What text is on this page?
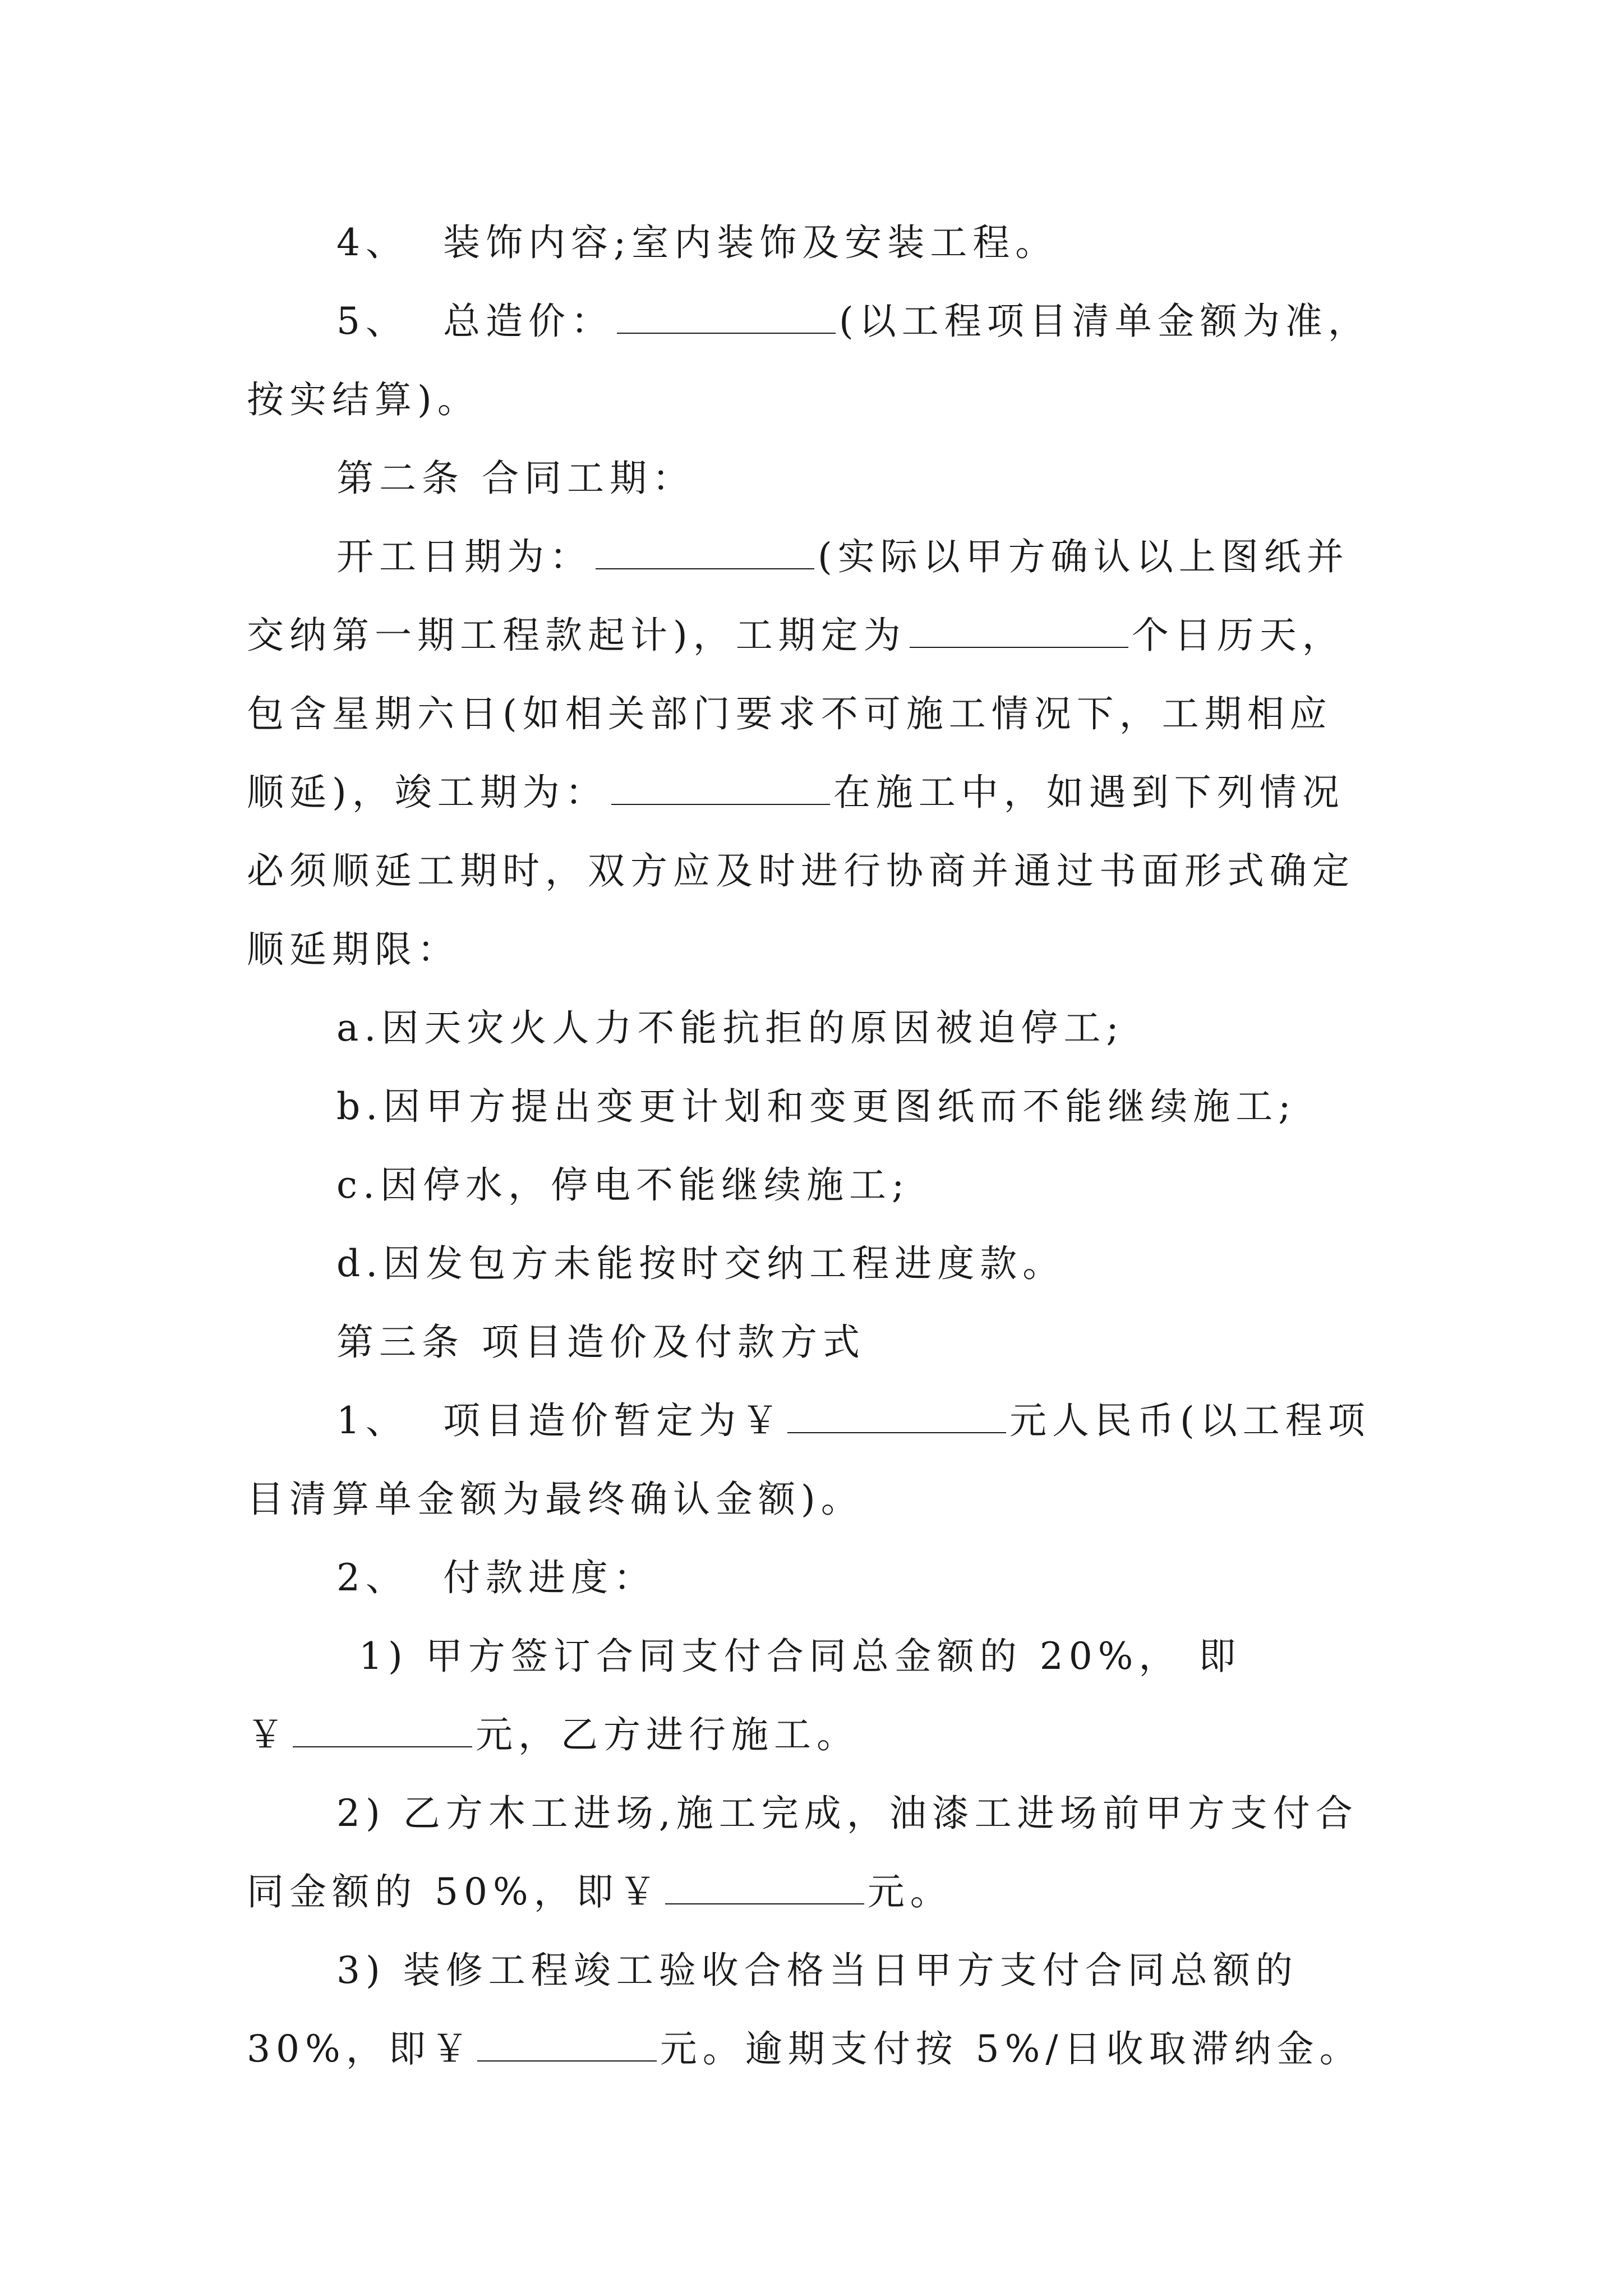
4、 装饰内容;室内装饰及安装工程。
5、 总造价：	(以工程项目清单金额为准，
按实结算)。
第二条 合同工期：
开工日期为：	(实际以甲方确认以上图纸并
交纳第一期工程款起计)，工期定为	个日历天，
包含星期六日(如相关部门要求不可施工情况下，工期相应
顺延)，竣工期为：	在施工中，如遇到下列情况
必须顺延工期时，双方应及时进行协商并通过书面形式确定
顺延期限：
a.因天灾火人力不能抗拒的原因被迫停工;
b.因甲方提出变更计划和变更图纸而不能继续施工;
c.因停水，停电不能继续施工;
d.因发包方未能按时交纳工程进度款。
第三条 项目造价及付款方式
1、 项目造价暂定为￥	元人民币(以工程项
目清算单金额为最终确认金额)。
2、 付款进度：
1) 甲方签订合同支付合同总金额的 20%， 即
￥	元，乙方进行施工。
2) 乙方木工进场,施工完成，油漆工进场前甲方支付合
同金额的 50%，即￥	元。
3) 装修工程竣工验收合格当日甲方支付合同总额的
30%，即￥	元。逾期支付按 5%/日收取滞纳金。
